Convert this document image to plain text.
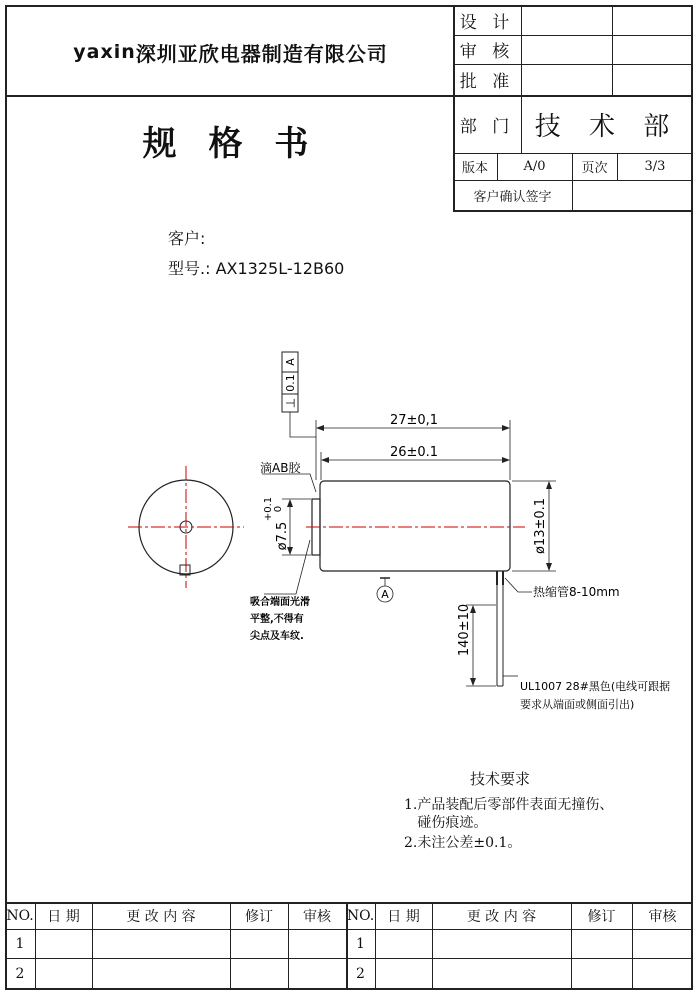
yaxin 深圳亚欣电器制造有限公司
规 格 书
设 计
审 核
批 准
部 门 技 术 部
版本	A/0	页次	3/3
客户确认签字
客户:
型号.: AX1325L-12B60
A
0.1
⊥
A
27±0,1
26±0.1
ø13±0.1
ø7.5
+0.1 0
140±10
滴AB胶
热缩管8-10mm
UL1007 28#黑色(电线可跟据
要求从端面或侧面引出)
吸合端面光滑
平整,不得有
尖点及车纹.
技术要求
1.产品装配后零部件表面无撞伤、
碰伤痕迹。
2.未注公差±0.1。
NO. 日 期	更 改 内 容	修订	审核
1
2
NO. 日 期	更 改 内 容	修订	审核
1
2
